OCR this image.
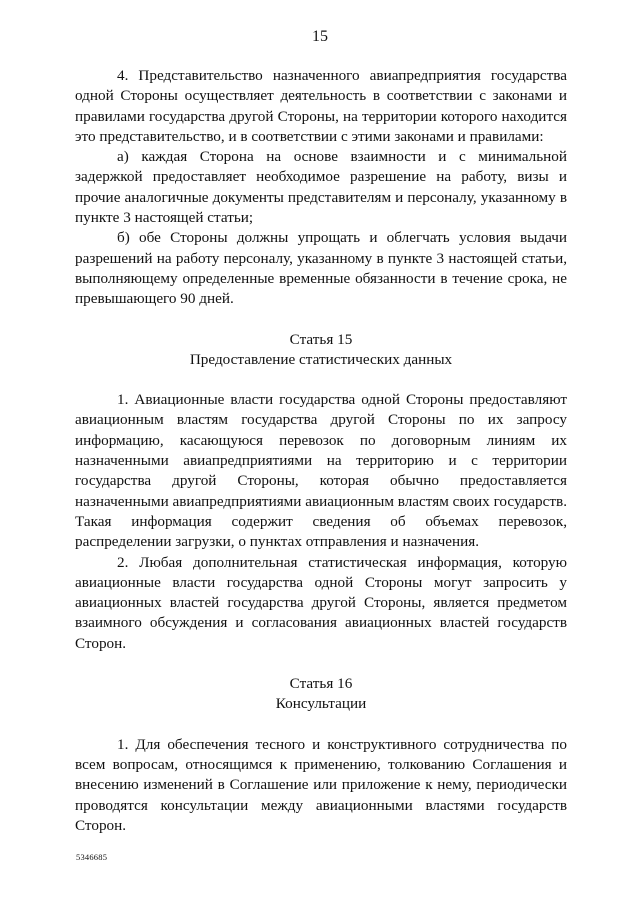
15

4. Представительство назначенного авиапредприятия государства одной Стороны осуществляет деятельность в соответствии с законами и правилами государства другой Стороны, на территории которого находится это представительство, и в соответствии с этими законами и правилами:

а) каждая Сторона на основе взаимности и с минимальной задержкой предоставляет необходимое разрешение на работу, визы и прочие аналогичные документы представителям и персоналу, указанному в пункте 3 настоящей статьи;

б) обе Стороны должны упрощать и облегчать условия выдачи разрешений на работу персоналу, указанному в пункте 3 настоящей статьи, выполняющему определенные временные обязанности в течение срока, не превышающего 90 дней.

Статья 15

Предоставление статистических данных

1. Авиационные власти государства одной Стороны предоставляют авиационным властям государства другой Стороны по их запросу информацию, касающуюся перевозок по договорным линиям их назначенными авиапредприятиями на территорию и с территории государства другой Стороны, которая обычно предоставляется назначенными авиапредприятиями авиационным властям своих государств. Такая информация содержит сведения об объемах перевозок, распределении загрузки, о пунктах отправления и назначения.

2. Любая дополнительная статистическая информация, которую авиационные власти государства одной Стороны могут запросить у авиационных властей государства другой Стороны, является предметом взаимного обсуждения и согласования авиационных властей государств Сторон.

Статья 16

Консультации

1. Для обеспечения тесного и конструктивного сотрудничества по всем вопросам, относящимся к применению, толкованию Соглашения и внесению изменений в Соглашение или приложение к нему, периодически проводятся консультации между авиационными властями государств Сторон.

5346685
